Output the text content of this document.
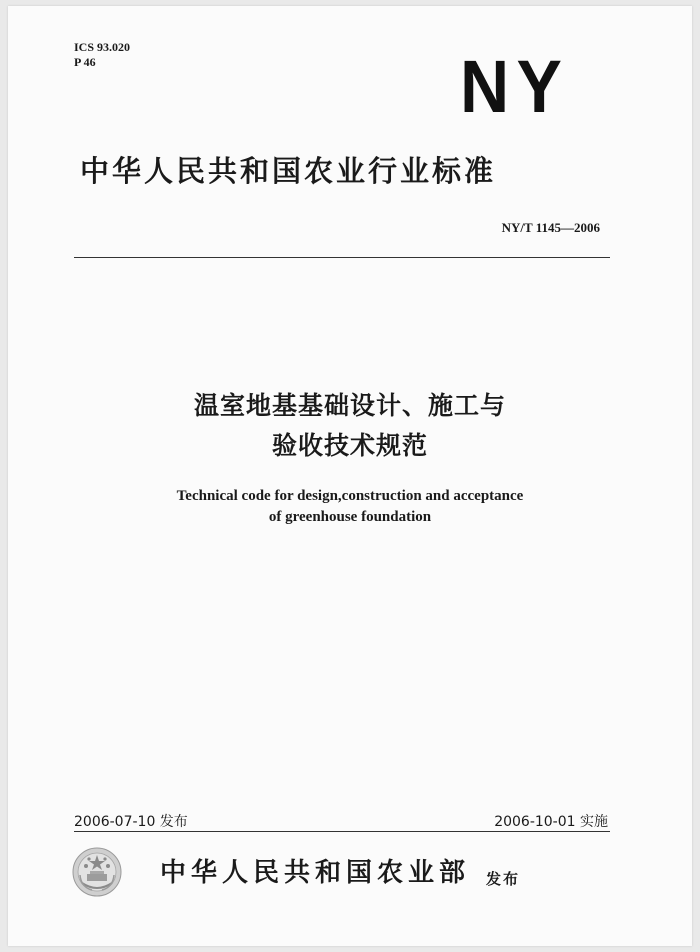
ICS 93.020
P 46	NY
中华人民共和国农业行业标准
NY/T 1145—2006
温室地基基础设计、施工与
验收技术规范
Technical code for design,construction and acceptance
of greenhouse foundation
2006-07-10 发布	2006-10-01 实施
中华人民共和国农业部 发布
